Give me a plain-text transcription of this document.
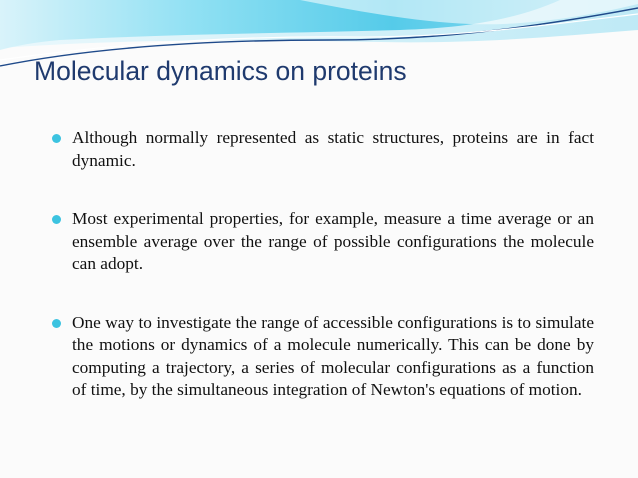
Molecular dynamics on proteins
Although normally represented as static structures, proteins are in fact dynamic.
Most experimental properties, for example, measure a time average or an ensemble average over the range of possible configurations the molecule can adopt.
One way to investigate the range of accessible configurations is to simulate the motions or dynamics of a molecule numerically. This can be done by computing a trajectory, a series of molecular configurations as a function of time, by the simultaneous integration of Newton's equations of motion.
